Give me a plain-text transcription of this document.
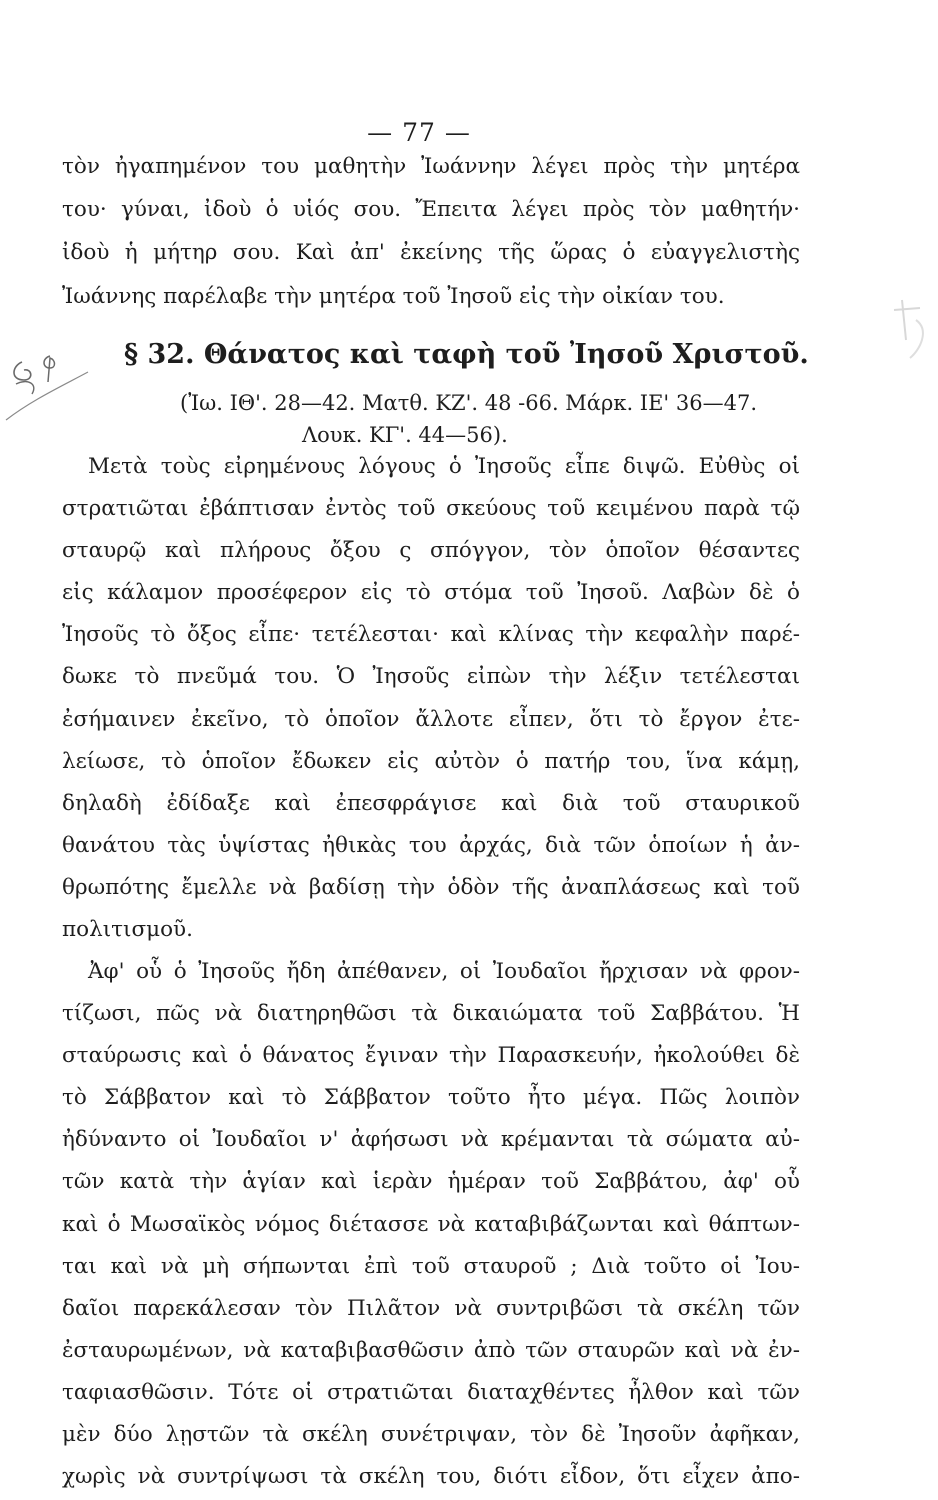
— 77 —
τὸν ἠγαπημένον του μαθητὴν Ἰωάννην λέγει πρὸς τὴν μητέρα
του· γύναι, ἰδοὺ ὁ υἱός σου. Ἔπειτα λέγει πρὸς τὸν μαθητήν·
ἰδοὺ ἡ μήτηρ σου. Καὶ ἀπ' ἐκείνης τῆς ὥρας ὁ εὐαγγελιστὴς
Ἰωάννης παρέλαβε τὴν μητέρα τοῦ Ἰησοῦ εἰς τὴν οἰκίαν του.
§ 32. Θάνατος καὶ ταφὴ τοῦ Ἰησοῦ Χριστοῦ.
(Ἰω. ΙΘ'. 28—42. Ματθ. ΚΖ'. 48 -66. Μάρκ. ΙΕ' 36—47.
Λουκ. ΚΓ'. 44—56).
Μετὰ τοὺς εἰρημένους λόγους ὁ Ἰησοῦς εἶπε διψῶ. Εὐθὺς οἱ
στρατιῶται ἐβάπτισαν ἐντὸς τοῦ σκεύους τοῦ κειμένου παρὰ τῷ
σταυρῷ καὶ πλήρους ὄξου ς σπόγγον, τὸν ὁποῖον θέσαντες
εἰς κάλαμον προσέφερον εἰς τὸ στόμα τοῦ Ἰησοῦ. Λαβὼν δὲ ὁ
Ἰησοῦς τὸ ὄξος εἶπε· τετέλεσται· καὶ κλίνας τὴν κεφαλὴν παρέ-
δωκε τὸ πνεῦμά του. Ὁ Ἰησοῦς εἰπὼν τὴν λέξιν τετέλεσται
ἐσήμαινεν ἐκεῖνο, τὸ ὁποῖον ἄλλοτε εἶπεν, ὅτι τὸ ἔργον ἐτε-
λείωσε, τὸ ὁποῖον ἔδωκεν εἰς αὐτὸν ὁ πατήρ του, ἵνα κάμῃ,
δηλαδὴ ἐδίδαξε καὶ ἐπεσφράγισε καὶ διὰ τοῦ σταυρικοῦ
θανάτου τὰς ὑψίστας ἠθικὰς του ἀρχάς, διὰ τῶν ὁποίων ἡ ἀν-
θρωπότης ἔμελλε νὰ βαδίσῃ τὴν ὁδὸν τῆς ἀναπλάσεως καὶ τοῦ
πολιτισμοῦ.
Ἀφ' οὗ ὁ Ἰησοῦς ἤδη ἀπέθανεν, οἱ Ἰουδαῖοι ἤρχισαν νὰ φρον-
τίζωσι, πῶς νὰ διατηρηθῶσι τὰ δικαιώματα τοῦ Σαββάτου. Ἡ
σταύρωσις καὶ ὁ θάνατος ἔγιναν τὴν Παρασκευήν, ἠκολούθει δὲ
τὸ Σάββατον καὶ τὸ Σάββατον τοῦτο ἦτο μέγα. Πῶς λοιπὸν
ἠδύναντο οἱ Ἰουδαῖοι ν' ἀφήσωσι νὰ κρέμανται τὰ σώματα αὐ-
τῶν κατὰ τὴν ἁγίαν καὶ ἱερὰν ἡμέραν τοῦ Σαββάτου, ἀφ' οὗ
καὶ ὁ Μωσαϊκὸς νόμος διέτασσε νὰ καταβιβάζωνται καὶ θάπτων-
ται καὶ νὰ μὴ σήπωνται ἐπὶ τοῦ σταυροῦ ; Διὰ τοῦτο οἱ Ἰου-
δαῖοι παρεκάλεσαν τὸν Πιλᾶτον νὰ συντριβῶσι τὰ σκέλη τῶν
ἐσταυρωμένων, νὰ καταβιβασθῶσιν ἀπὸ τῶν σταυρῶν καὶ νὰ ἐν-
ταφιασθῶσιν. Τότε οἱ στρατιῶται διαταχθέντες ἦλθον καὶ τῶν
μὲν δύο λῃστῶν τὰ σκέλη συνέτριψαν, τὸν δὲ Ἰησοῦν ἀφῆκαν,
χωρὶς νὰ συντρίψωσι τὰ σκέλη του, διότι εἶδον, ὅτι εἶχεν ἀπο-
